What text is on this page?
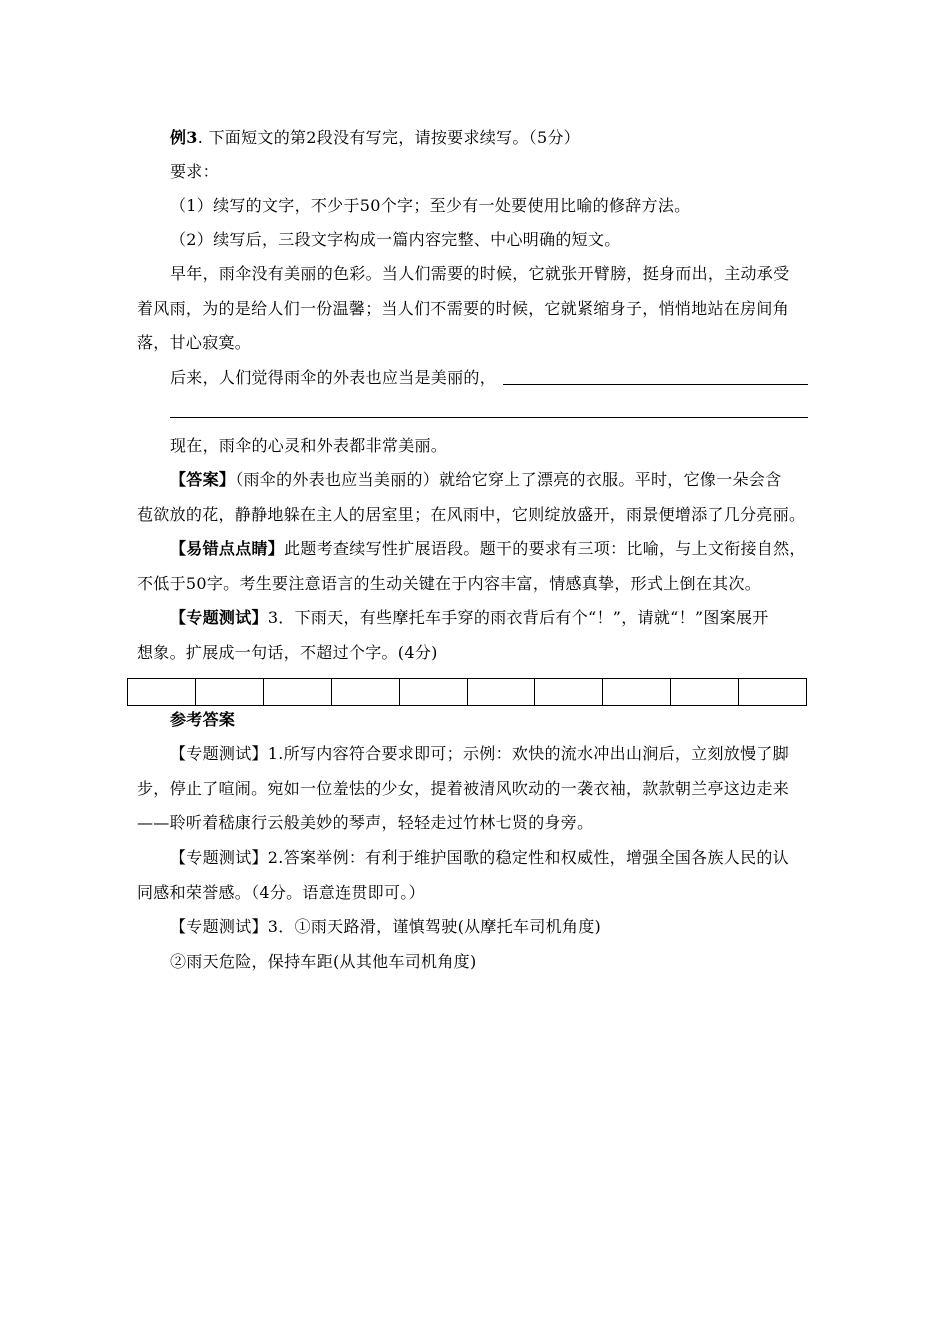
例3. 下面短文的第2段没有写完，请按要求续写。（5分）
要求：
（1）续写的文字，不少于50个字；至少有一处要使用比喻的修辞方法。
（2）续写后，三段文字构成一篇内容完整、中心明确的短文。
早年，雨伞没有美丽的色彩。当人们需要的时候，它就张开臂膀，挺身而出，主动承受
着风雨，为的是给人们一份温馨；当人们不需要的时候，它就紧缩身子，悄悄地站在房间角
落，甘心寂寞。
后来，人们觉得雨伞的外表也应当是美丽的，
现在，雨伞的心灵和外表都非常美丽。
【答案】（雨伞的外表也应当美丽的）就给它穿上了漂亮的衣服。平时，它像一朵会含
苞欲放的花，静静地躲在主人的居室里；在风雨中，它则绽放盛开，雨景便增添了几分亮丽。
【易错点点睛】此题考查续写性扩展语段。题干的要求有三项：比喻，与上文衔接自然，
不低于50字。考生要注意语言的生动关键在于内容丰富，情感真挚，形式上倒在其次。
【专题测试】3．下雨天，有些摩托车手穿的雨衣背后有个“！”，请就“！”图案展开
想象。扩展成一句话，不超过个字。(4分)
参考答案
【专题测试】1.所写内容符合要求即可；示例：欢快的流水冲出山涧后，立刻放慢了脚
步，停止了喧闹。宛如一位羞怯的少女，提着被清风吹动的一袭衣袖，款款朝兰亭这边走来
——聆听着嵇康行云般美妙的琴声，轻轻走过竹林七贤的身旁。
【专题测试】2.答案举例：有利于维护国歌的稳定性和权威性，增强全国各族人民的认
同感和荣誉感。（4分。语意连贯即可。）
【专题测试】3．①雨天路滑，谨慎驾驶(从摩托车司机角度)
②雨天危险，保持车距(从其他车司机角度)
